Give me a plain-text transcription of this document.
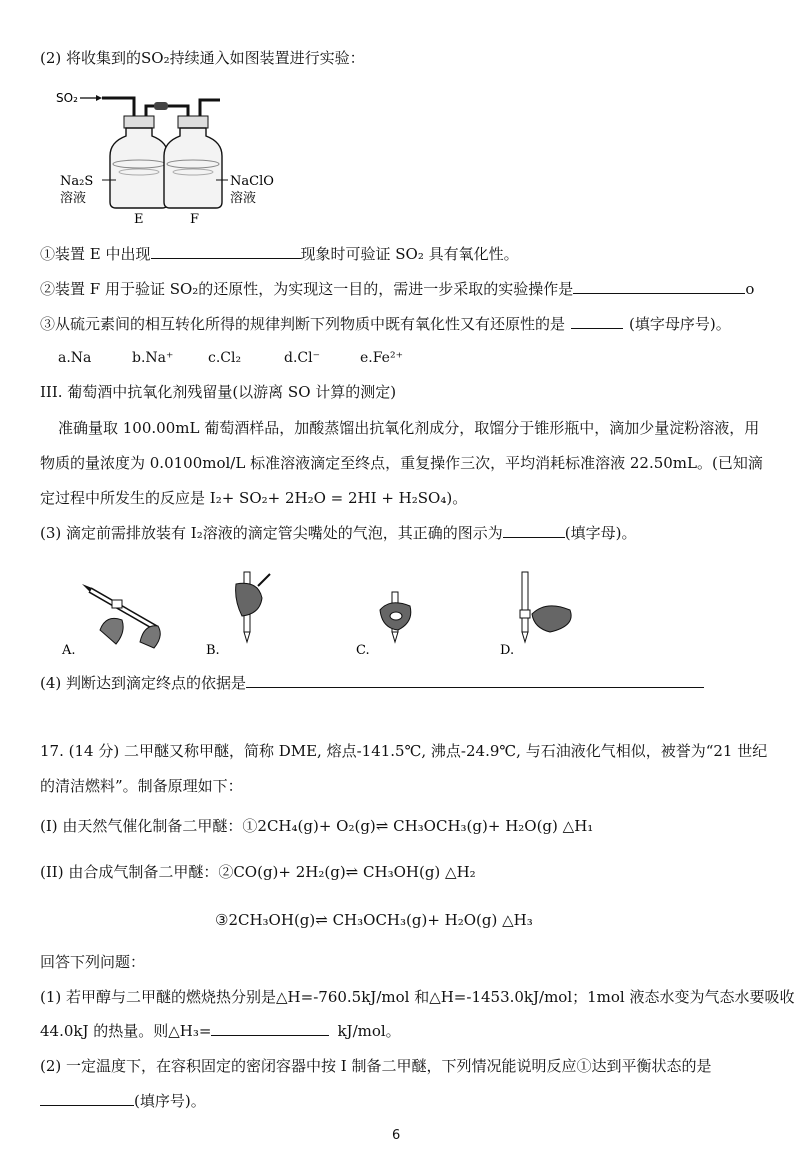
(2) 将收集到的SO₂持续通入如图装置进行实验：
SO₂
Na₂S
溶液
NaClO
溶液
E	F
①装置 E 中出现	现象时可验证 SO₂ 具有氧化性。
②装置 F 用于验证 SO₂的还原性，为实现这一目的，需进一步采取的实验操作是	o
③从硫元素间的相互转化所得的规律判断下列物质中既有氧化性又有还原性的是	(填字母序号)。
a.Na	b.Na⁺ c.Cl₂	d.Cl⁻	e.Fe²⁺
III. 葡萄酒中抗氧化剂残留量(以游离 SO 计算的测定)
准确量取 100.00mL 葡萄酒样品，加酸蒸馏出抗氧化剂成分，取馏分于锥形瓶中，滴加少量淀粉溶液，用
物质的量浓度为 0.0100mol/L 标准溶液滴定至终点，重复操作三次，平均消耗标准溶液 22.50mL。(已知滴
定过程中所发生的反应是 I₂+ SO₂+ 2H₂O = 2HI + H₂SO₄)。
(3) 滴定前需排放装有 I₂溶液的滴定管尖嘴处的气泡，其正确的图示为	(填字母)。
A.	B.	C.	D.
(4) 判断达到滴定终点的依据是
17. (14 分) 二甲醚又称甲醚，简称 DME, 熔点-141.5℃, 沸点-24.9℃, 与石油液化气相似，被誉为“21 世纪
的清洁燃料”。制备原理如下：
(I) 由天然气催化制备二甲醚：①2CH₄(g)+ O₂(g)⇌ CH₃OCH₃(g)+ H₂O(g) △H₁
(II) 由合成气制备二甲醚：②CO(g)+ 2H₂(g)⇌ CH₃OH(g) △H₂
③2CH₃OH(g)⇌ CH₃OCH₃(g)+ H₂O(g) △H₃
回答下列问题：
(1) 若甲醇与二甲醚的燃烧热分别是△H=-760.5kJ/mol 和△H=-1453.0kJ/mol；1mol 液态水变为气态水要吸收
44.0kJ 的热量。则△H₃=	kJ/mol。
(2) 一定温度下，在容积固定的密闭容器中按 I 制备二甲醚，下列情况能说明反应①达到平衡状态的是
(填序号)。
6
